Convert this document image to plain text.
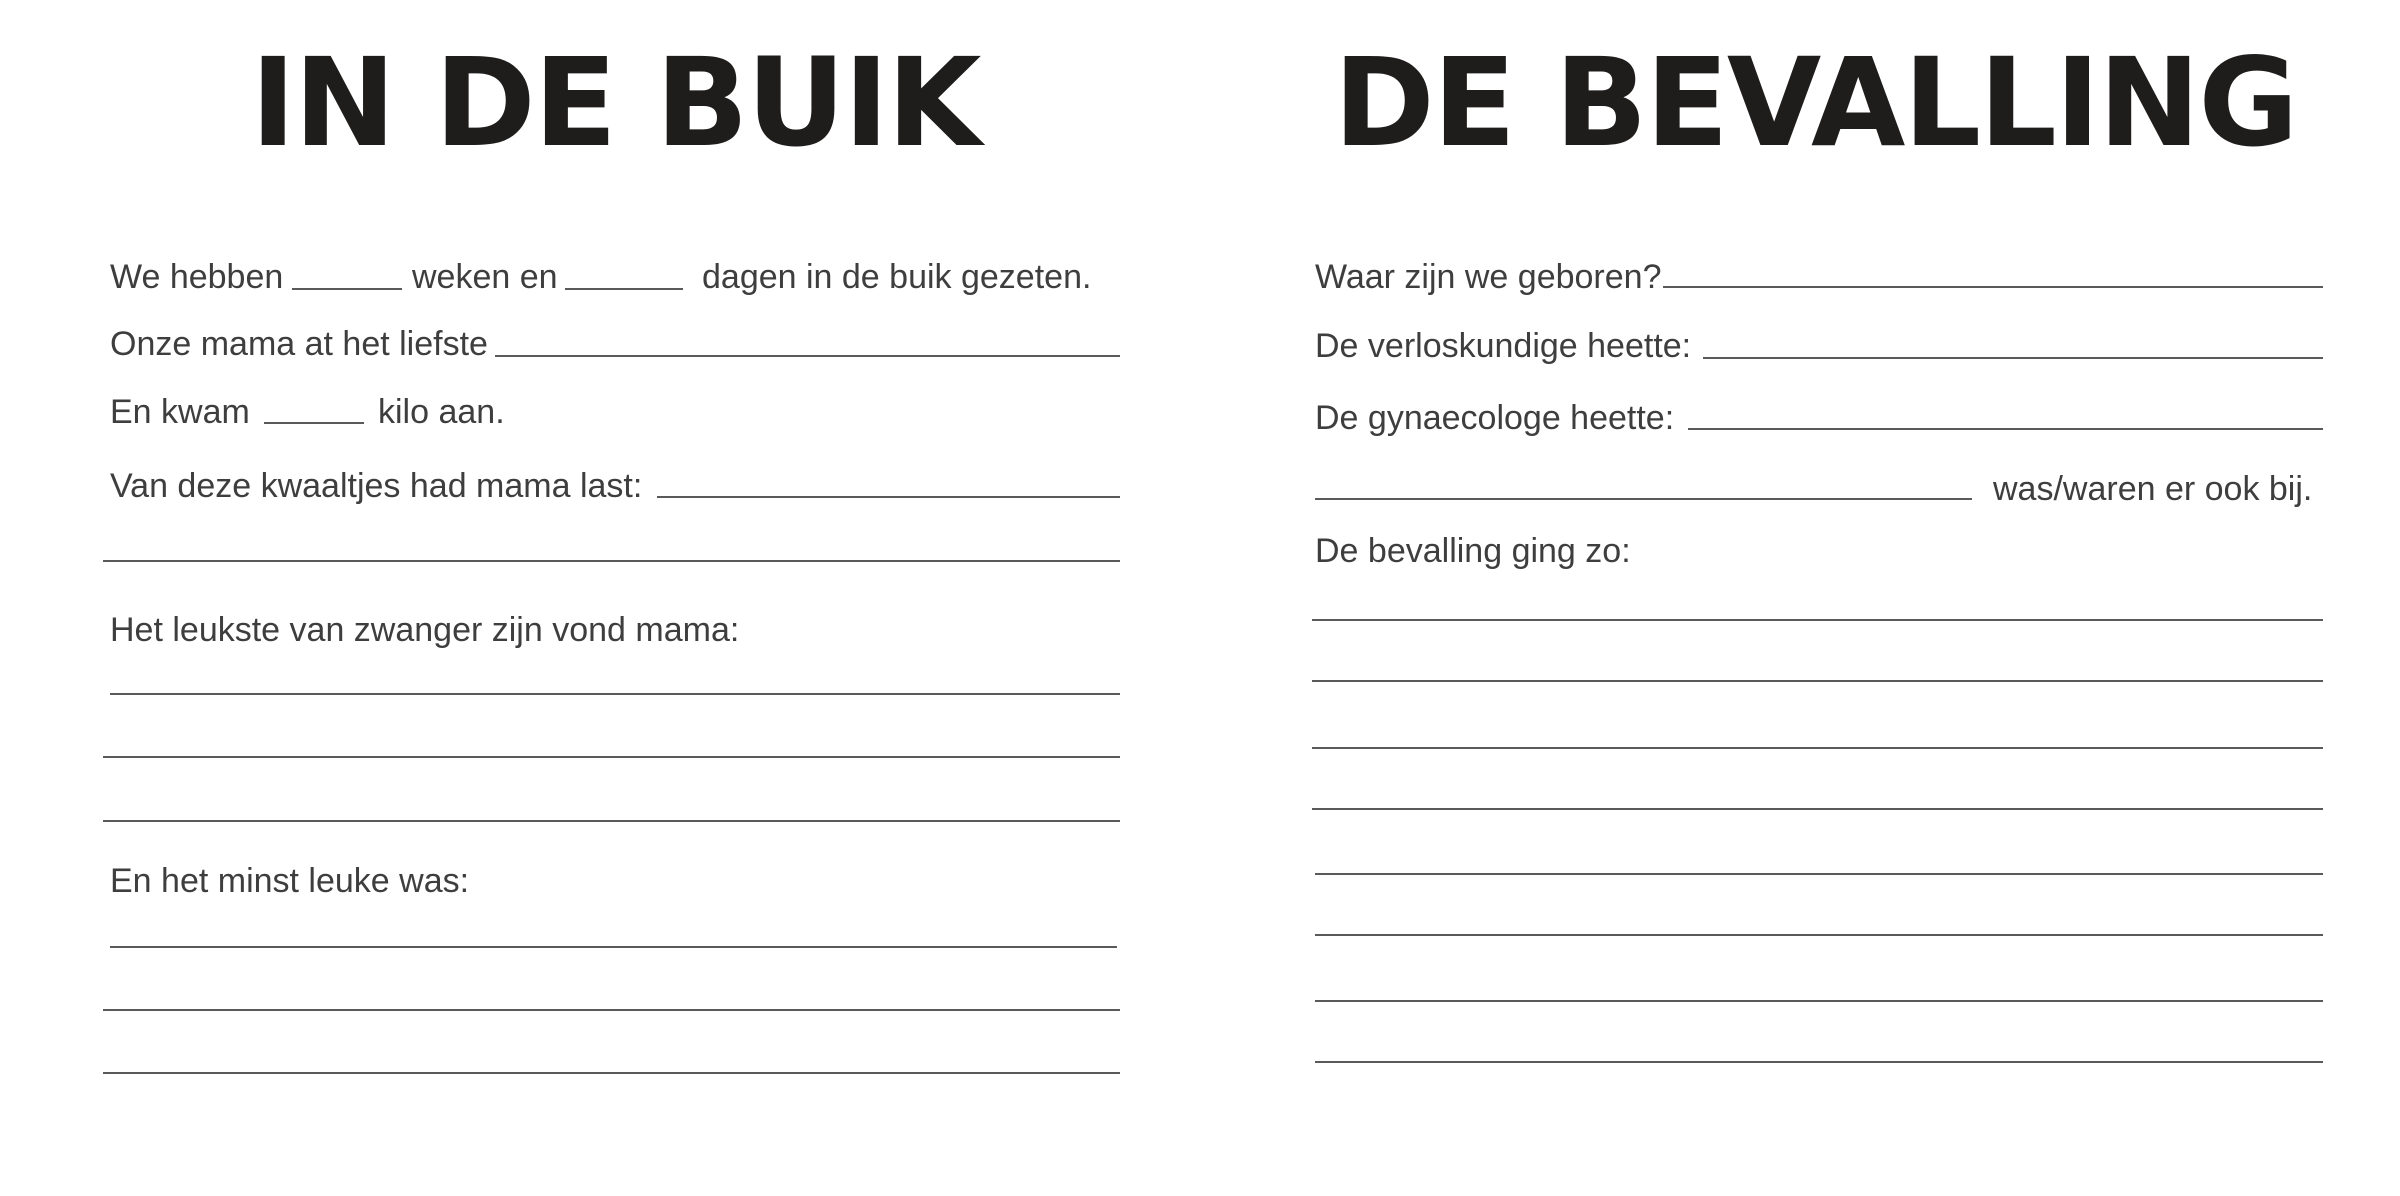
IN DE BUIK
We hebben	weken en	dagen in de buik gezeten.
Onze mama at het liefste
En kwam	kilo aan.
Van deze kwaaltjes had mama last:
Het leukste van zwanger zijn vond mama:
En het minst leuke was:
DE BEVALLING
Waar zijn we geboren?
De verloskundige heette:
De gynaecologe heette:
was/waren er ook bij.
De bevalling ging zo:
